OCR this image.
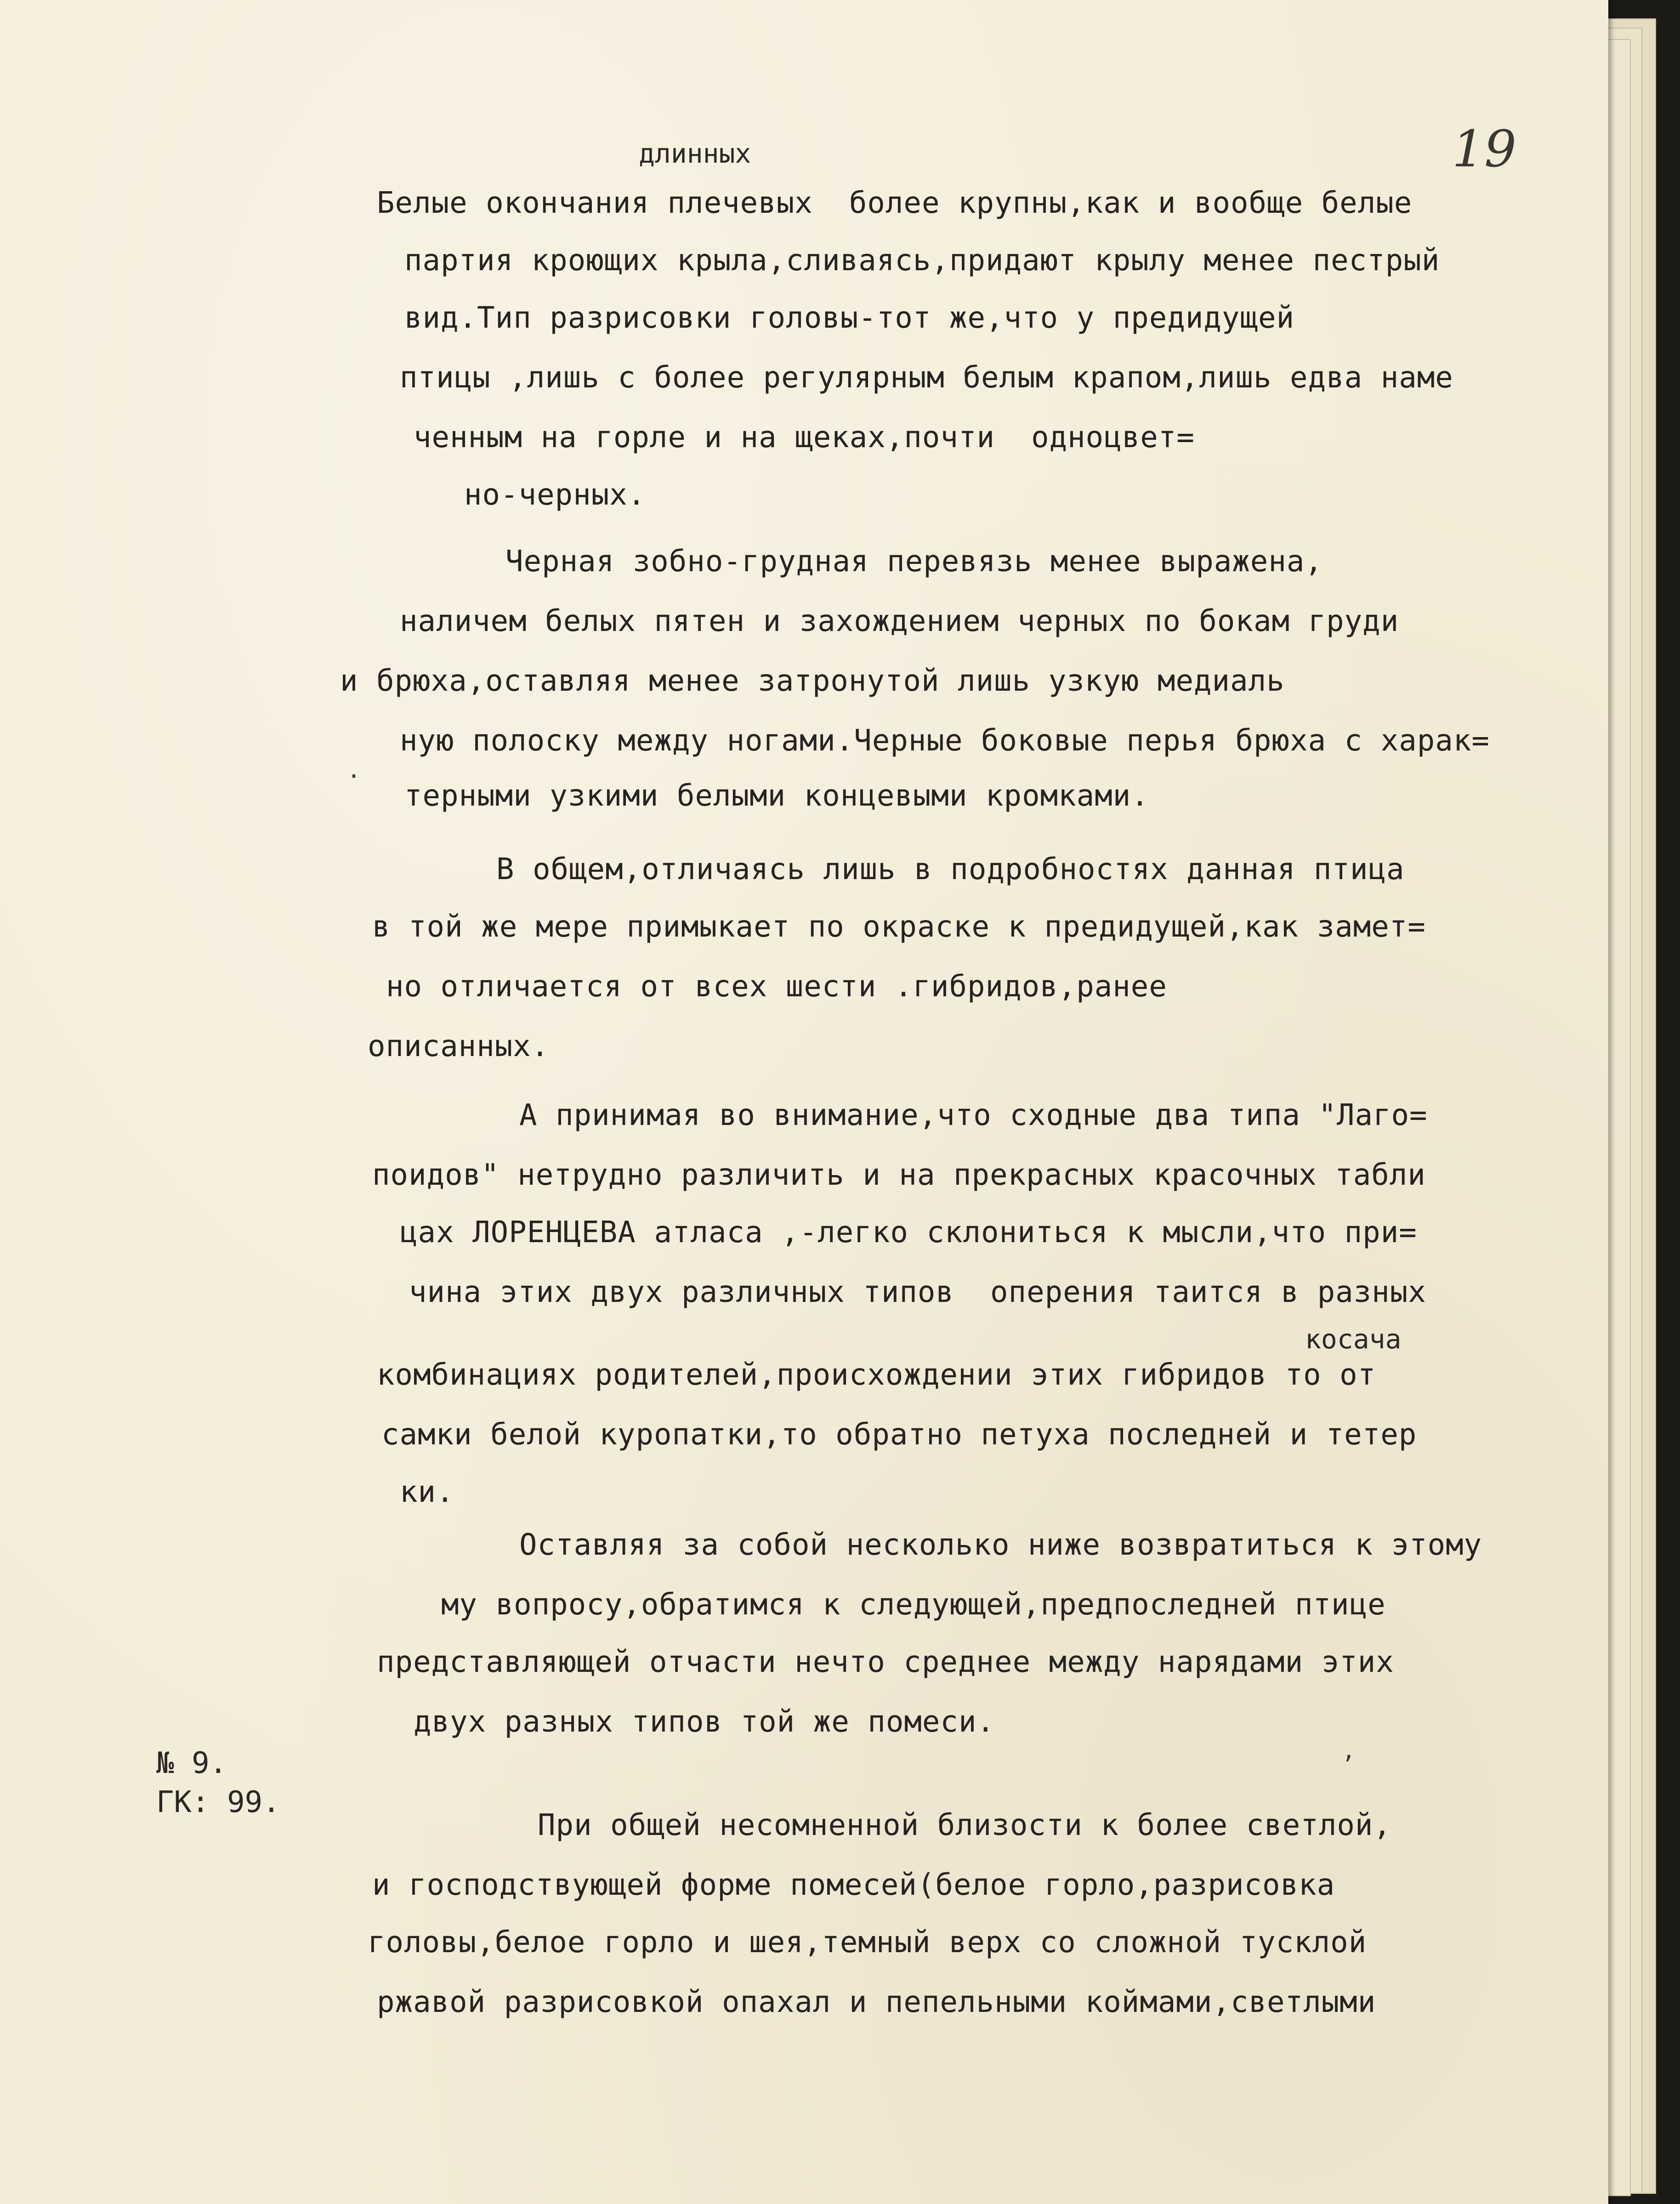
19
длинных
Белые окончания плечевых  более крупны,как и вообще белые
партия кроющих крыла,сливаясь,придают крылу менее пестрый
вид.Тип разрисовки головы-тот же,что у предидущей
птицы ,лишь с более регулярным белым крапом,лишь едва наме
ченным на горле и на щеках,почти  одноцвет=
но-черных.
Черная зобно-грудная перевязь менее выражена,
наличем белых пятен и захождением черных по бокам груди
и брюха,оставляя менее затронутой лишь узкую медиаль
ную полоску между ногами.Черные боковые перья брюха с харак=
терными узкими белыми концевыми кромками.
В общем,отличаясь лишь в подробностях данная птица
в той же мере примыкает по окраске к предидущей,как замет=
но отличается от всех шести .гибридов,ранее
описанных.
А принимая во внимание,что сходные два типа "Лаго=
поидов" нетрудно различить и на прекрасных красочных табли
цах ЛОРЕНЦЕВА атласа ,-легко склониться к мысли,что при=
чина этих двух различных типов  оперения таится в разных
косача
комбинациях родителей,происхождении этих гибридов то от
самки белой куропатки,то обратно петуха последней и тетер
ки.
Оставляя за собой несколько ниже возвратиться к этому
му вопросу,обратимся к следующей,предпоследней птице
представляющей отчасти нечто среднее между нарядами этих
двух разных типов той же помеси.
№ 9.
ГК: 99.
При общей несомненной близости к более светлой,
и господствующей форме помесей(белое горло,разрисовка
головы,белое горло и шея,темный верх со сложной тусклой
ржавой разрисовкой опахал и пепельными коймами,светлыми
,
·
